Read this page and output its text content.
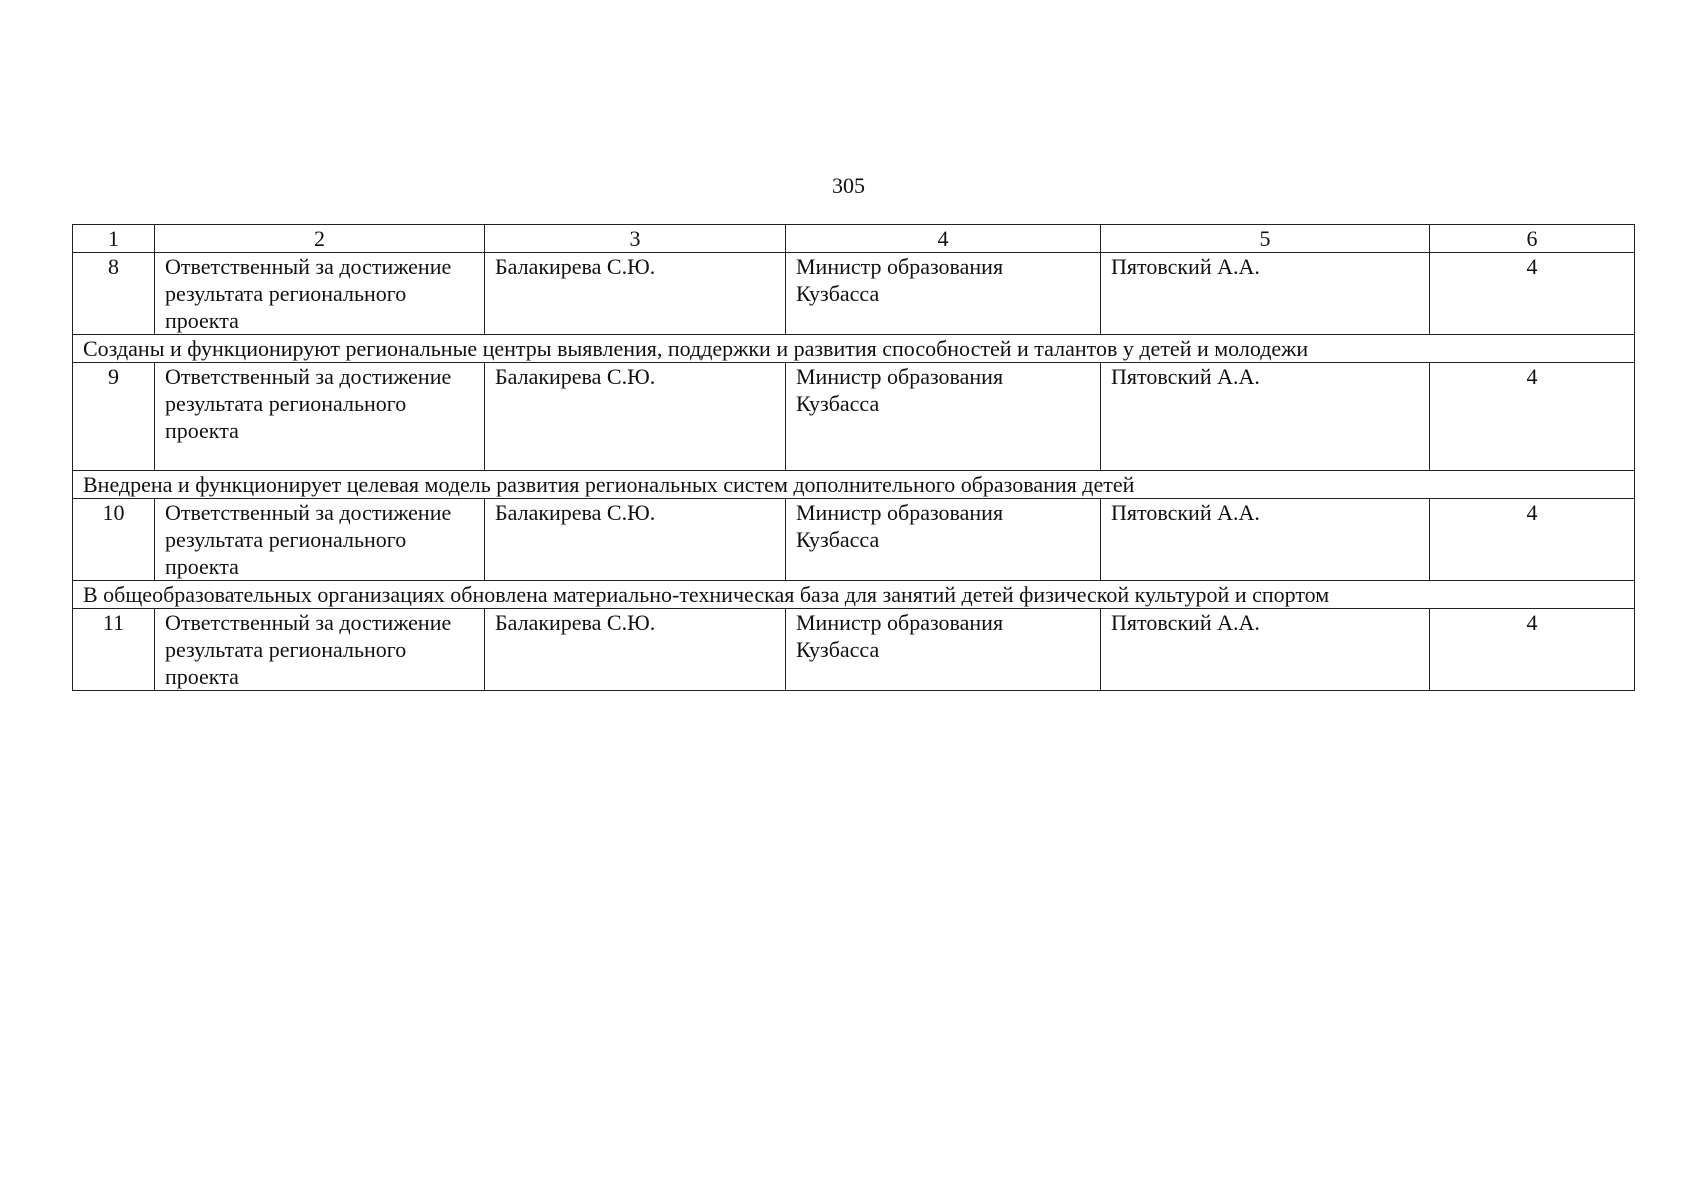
305
1	2	3	4	5	6
8	Ответственный за достижение результата регионального проекта	Балакирева С.Ю.	Министр образования Кузбасса	Пятовский А.А.	4
Созданы и функционируют региональные центры выявления, поддержки и развития способностей и талантов у детей и молодежи					
9	Ответственный за достижение результата регионального проекта	Балакирева С.Ю.	Министр образования Кузбасса	Пятовский А.А.	4
Внедрена и функционирует целевая модель развития региональных систем дополнительного образования детей					
10	Ответственный за достижение результата регионального проекта	Балакирева С.Ю.	Министр образования Кузбасса	Пятовский А.А.	4
В общеобразовательных организациях обновлена материально-техническая база для занятий детей физической культурой и спортом					
11	Ответственный за достижение результата регионального проекта	Балакирева С.Ю.	Министр образования Кузбасса	Пятовский А.А.	4
